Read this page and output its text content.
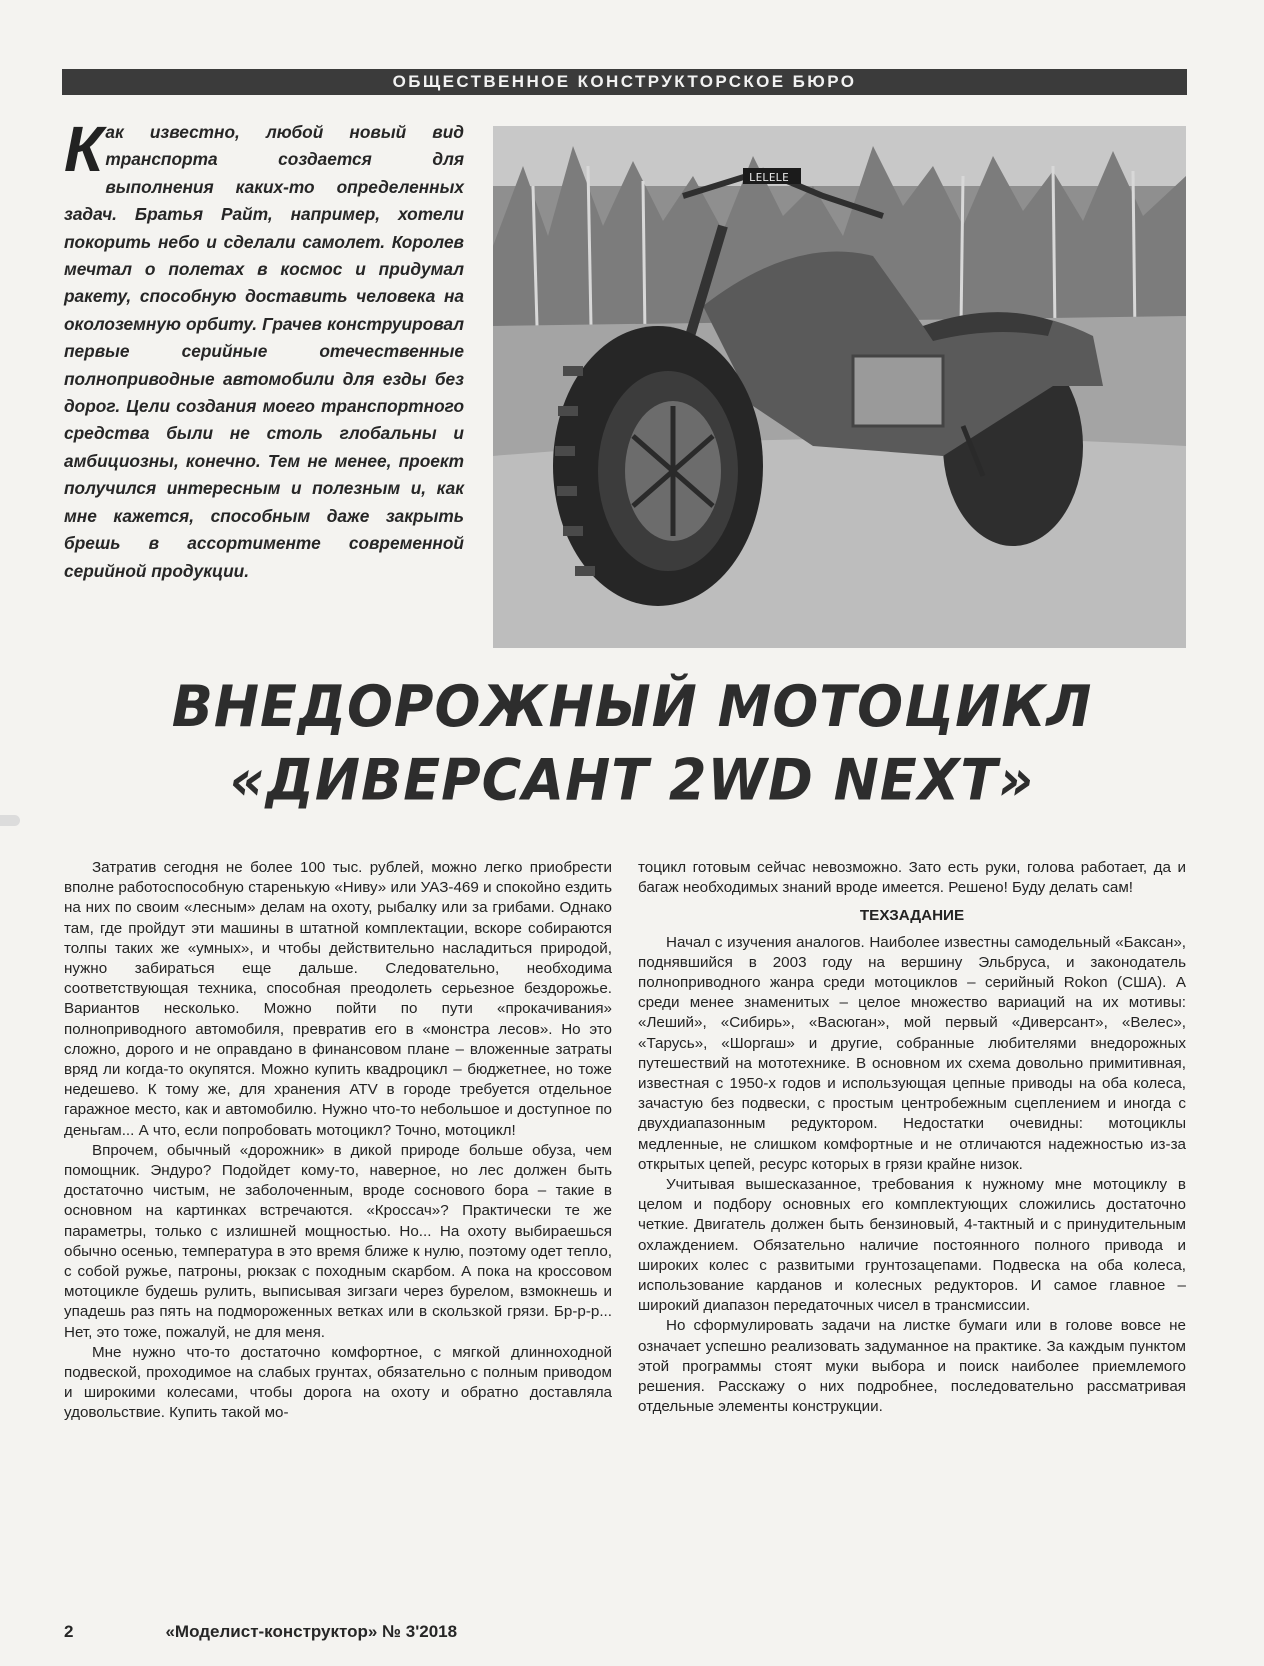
ОБЩЕСТВЕННОЕ КОНСТРУКТОРСКОЕ БЮРО
Как известно, любой новый вид транспорта создается для выполнения каких-то определенных задач. Братья Райт, например, хотели покорить небо и сделали самолет. Королев мечтал о полетах в космос и придумал ракету, способную доставить человека на околоземную орбиту. Грачев конструировал первые серийные отечественные полноприводные автомобили для езды без дорог. Цели создания моего транспортного средства были не столь глобальны и амбициозны, конечно. Тем не менее, проект получился интересным и полезным и, как мне кажется, способным даже закрыть брешь в ассортименте современной серийной продукции.
LELELE
ВНЕДОРОЖНЫЙ МОТОЦИКЛ
«ДИВЕРСАНТ 2WD NEXT»

Затратив сегодня не более 100 тыс. рублей, можно легко приобрести вполне работоспособную старенькую «Ниву» или УАЗ-469 и спокойно ездить на них по своим «лесным» делам на охоту, рыбалку или за грибами. Однако там, где пройдут эти машины в штатной комплектации, вскоре собираются толпы таких же «умных», и чтобы действительно насладиться природой, нужно забираться еще дальше. Следовательно, необходима соответствующая техника, способная преодолеть серьезное бездорожье. Вариантов несколько. Можно пойти по пути «прокачивания» полноприводного автомобиля, превратив его в «монстра лесов». Но это сложно, дорого и не оправдано в финансовом плане – вложенные затраты вряд ли когда-то окупятся. Можно купить квадроцикл – бюджетнее, но тоже недешево. К тому же, для хранения ATV в городе требуется отдельное гаражное место, как и автомобилю. Нужно что-то небольшое и доступное по деньгам... А что, если попробовать мотоцикл? Точно, мотоцикл!

Впрочем, обычный «дорожник» в дикой природе больше обуза, чем помощник. Эндуро? Подойдет кому-то, наверное, но лес должен быть достаточно чистым, не заболоченным, вроде соснового бора – такие в основном на картинках встречаются. «Кроссач»? Практически те же параметры, только с излишней мощностью. Но... На охоту выбираешься обычно осенью, температура в это время ближе к нулю, поэтому одет тепло, с собой ружье, патроны, рюкзак с походным скарбом. А пока на кроссовом мотоцикле будешь рулить, выписывая зигзаги через бурелом, взмокнешь и упадешь раз пять на подмороженных ветках или в скользкой грязи. Бр-р-р... Нет, это тоже, пожалуй, не для меня.

Мне нужно что-то достаточно комфортное, с мягкой длинноходной подвеской, проходимое на слабых грунтах, обязательно с полным приводом и широкими колесами, чтобы дорога на охоту и обратно доставляла удовольствие. Купить такой мо-

тоцикл готовым сейчас невозможно. Зато есть руки, голова работает, да и багаж необходимых знаний вроде имеется. Решено! Буду делать сам!

ТЕХЗАДАНИЕ

Начал с изучения аналогов. Наиболее известны самодельный «Баксан», поднявшийся в 2003 году на вершину Эльбруса, и законодатель полноприводного жанра среди мотоциклов – серийный Rokon (США). А среди менее знаменитых – целое множество вариаций на их мотивы: «Леший», «Сибирь», «Васюган», мой первый «Диверсант», «Велес», «Тарусь», «Шоргаш» и другие, собранные любителями внедорожных путешествий на мототехнике. В основном их схема довольно примитивная, известная с 1950-х годов и использующая цепные приводы на оба колеса, зачастую без подвески, с простым центробежным сцеплением и иногда с двухдиапазонным редуктором. Недостатки очевидны: мотоциклы медленные, не слишком комфортные и не отличаются надежностью из-за открытых цепей, ресурс которых в грязи крайне низок.

Учитывая вышесказанное, требования к нужному мне мотоциклу в целом и подбору основных его комплектующих сложились достаточно четкие. Двигатель должен быть бензиновый, 4-тактный и с принудительным охлаждением. Обязательно наличие постоянного полного привода и широких колес с развитыми грунтозацепами. Подвеска на оба колеса, использование карданов и колесных редукторов. И самое главное – широкий диапазон передаточных чисел в трансмиссии.

Но сформулировать задачи на листке бумаги или в голове вовсе не означает успешно реализовать задуманное на практике. За каждым пунктом этой программы стоят муки выбора и поиск наиболее приемлемого решения. Расскажу о них подробнее, последовательно рассматривая отдельные элементы конструкции.

2	«Моделист-конструктор» № 3'2018
